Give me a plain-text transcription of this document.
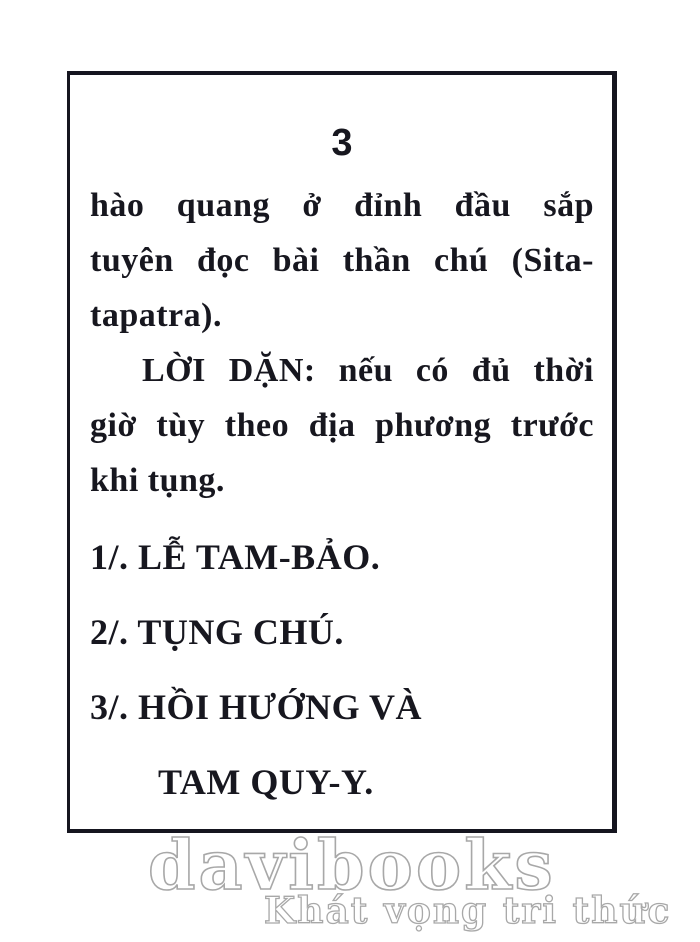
3
hào quang ở đỉnh đầu sắp
tuyên đọc bài thần chú (Sita-
tapatra).
LỜI DẶN: nếu có đủ thời
giờ tùy theo địa phương trước
khi tụng.
1/. LỄ TAM-BẢO.
2/. TỤNG CHÚ.
3/. HỒI HƯỚNG VÀ
TAM QUY-Y.
davibooks
Khát vọng tri thức
